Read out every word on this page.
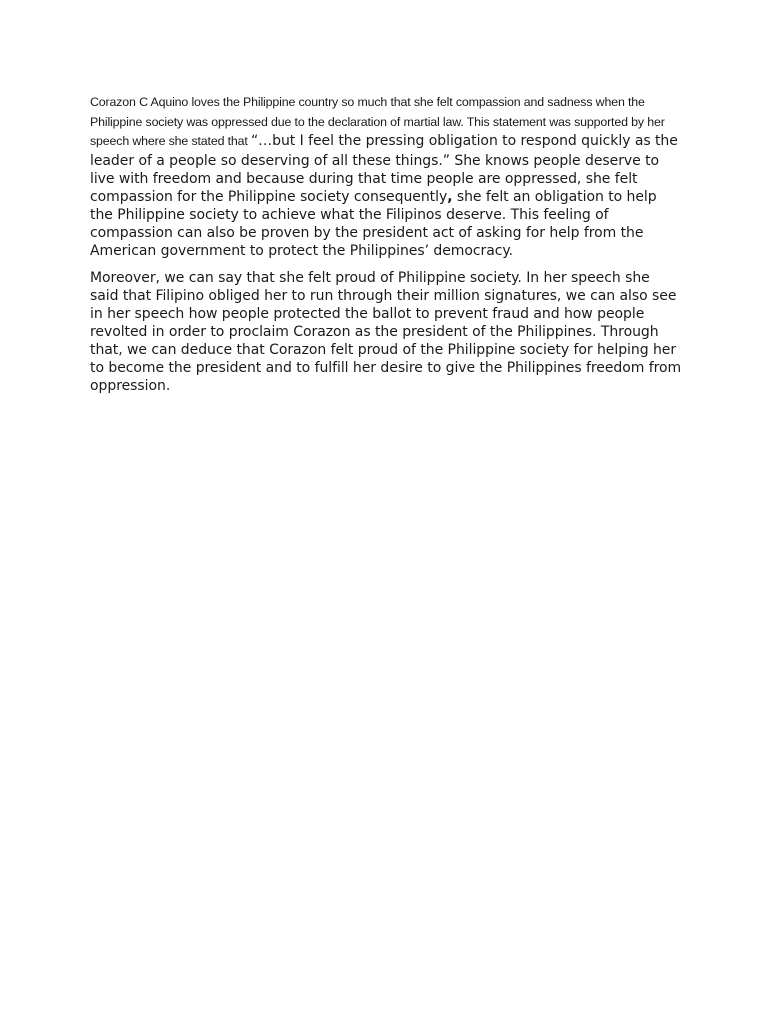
Corazon C Aquino loves the Philippine country so much that she felt compassion and sadness when the Philippine society was oppressed due to the declaration of martial law. This statement was supported by her speech where she stated that “…but I feel the pressing obligation to respond quickly as the leader of a people so deserving of all these things.” She knows people deserve to live with freedom and because during that time people are oppressed, she felt compassion for the Philippine society consequently, she felt an obligation to help the Philippine society to achieve what the Filipinos deserve. This feeling of compassion can also be proven by the president act of asking for help from the American government to protect the Philippines’ democracy.

Moreover, we can say that she felt proud of Philippine society. In her speech she said that Filipino obliged her to run through their million signatures, we can also see in her speech how people protected the ballot to prevent fraud and how people revolted in order to proclaim Corazon as the president of the Philippines. Through that, we can deduce that Corazon felt proud of the Philippine society for helping her to become the president and to fulfill her desire to give the Philippines freedom from oppression.
